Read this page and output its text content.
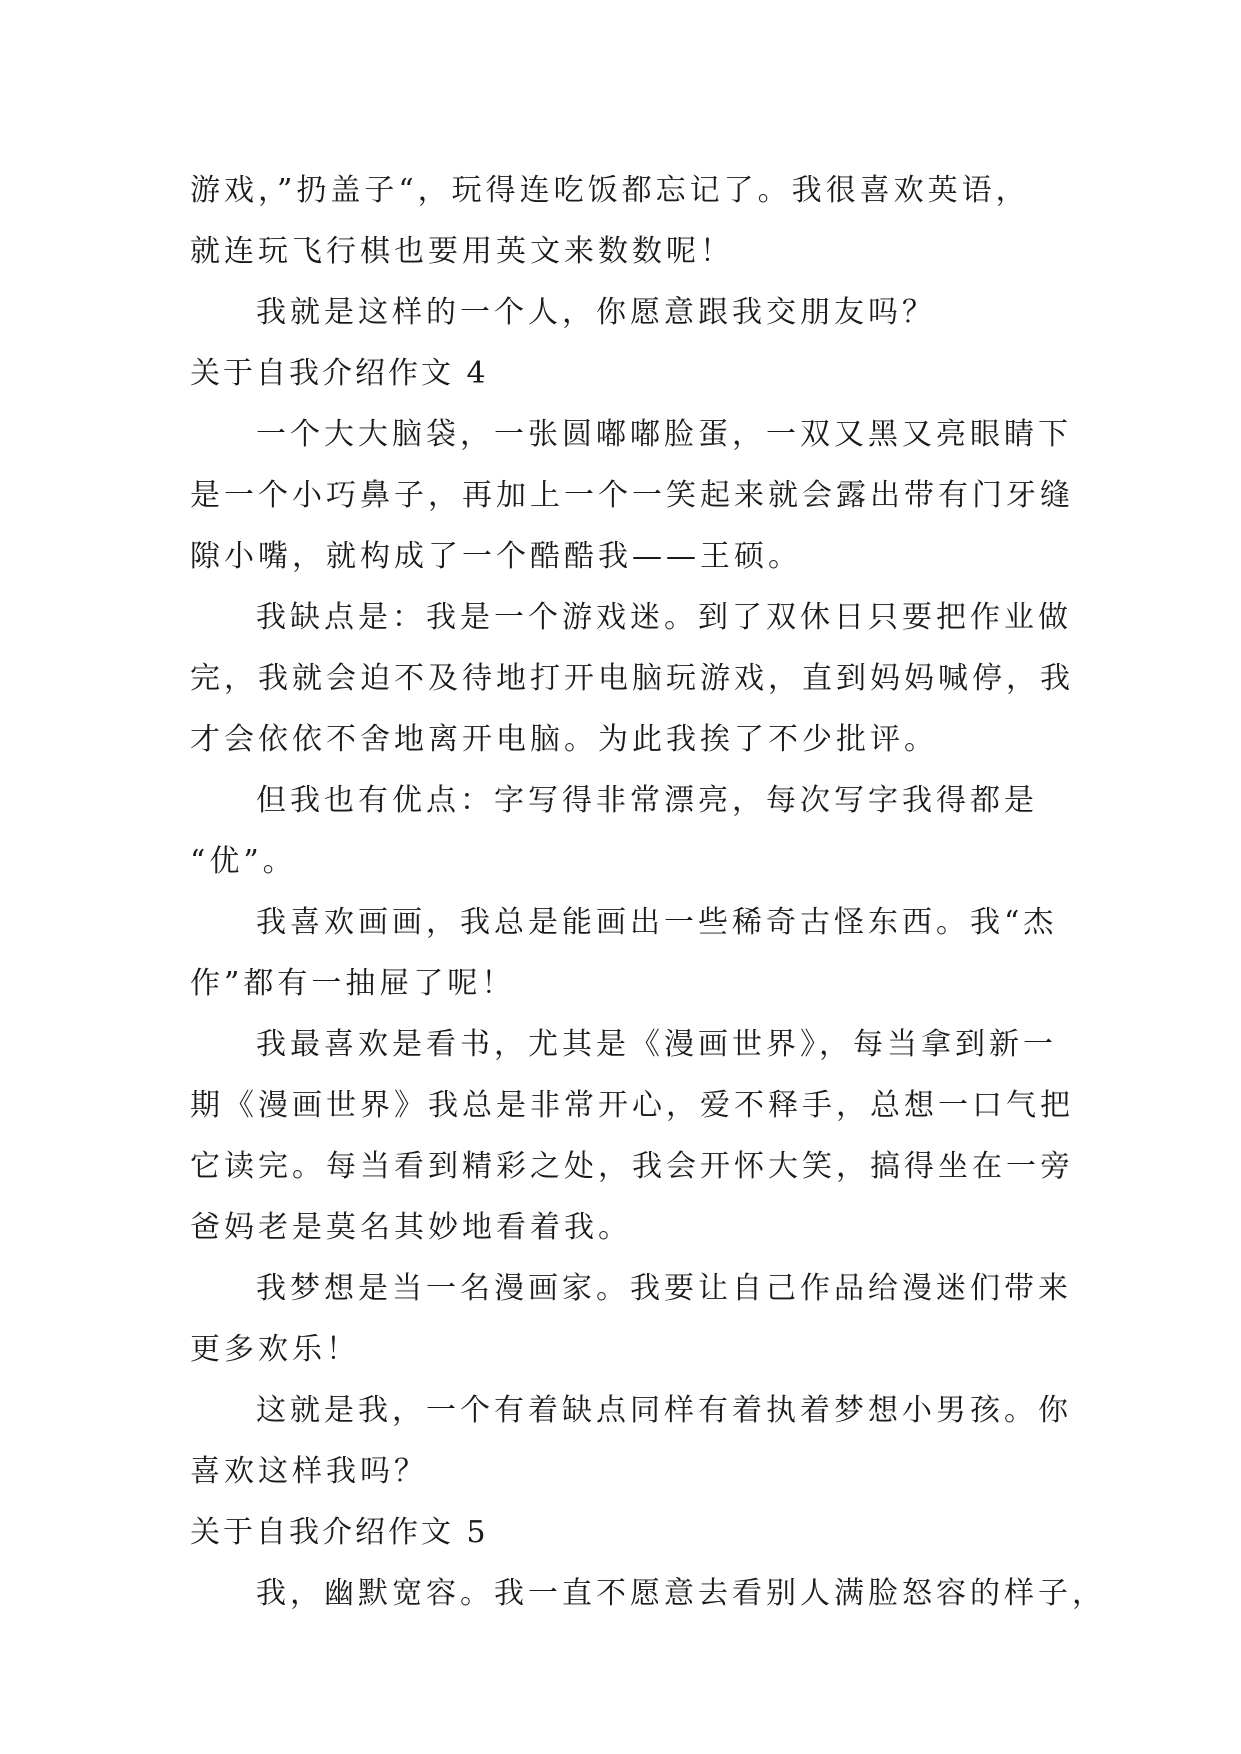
游戏，”扔盖子“，玩得连吃饭都忘记了。我很喜欢英语，
就连玩飞行棋也要用英文来数数呢！
我就是这样的一个人，你愿意跟我交朋友吗？
关于自我介绍作文 4
一个大大脑袋，一张圆嘟嘟脸蛋，一双又黑又亮眼睛下
是一个小巧鼻子，再加上一个一笑起来就会露出带有门牙缝
隙小嘴，就构成了一个酷酷我——王硕。
我缺点是：我是一个游戏迷。到了双休日只要把作业做
完，我就会迫不及待地打开电脑玩游戏，直到妈妈喊停，我
才会依依不舍地离开电脑。为此我挨了不少批评。
但我也有优点：字写得非常漂亮，每次写字我得都是
“优”。
我喜欢画画，我总是能画出一些稀奇古怪东西。我“杰
作”都有一抽屉了呢！
我最喜欢是看书，尤其是《漫画世界》，每当拿到新一
期《漫画世界》我总是非常开心，爱不释手，总想一口气把
它读完。每当看到精彩之处，我会开怀大笑，搞得坐在一旁
爸妈老是莫名其妙地看着我。
我梦想是当一名漫画家。我要让自己作品给漫迷们带来
更多欢乐！
这就是我，一个有着缺点同样有着执着梦想小男孩。你
喜欢这样我吗？
关于自我介绍作文 5
我，幽默宽容。我一直不愿意去看别人满脸怒容的样子，
